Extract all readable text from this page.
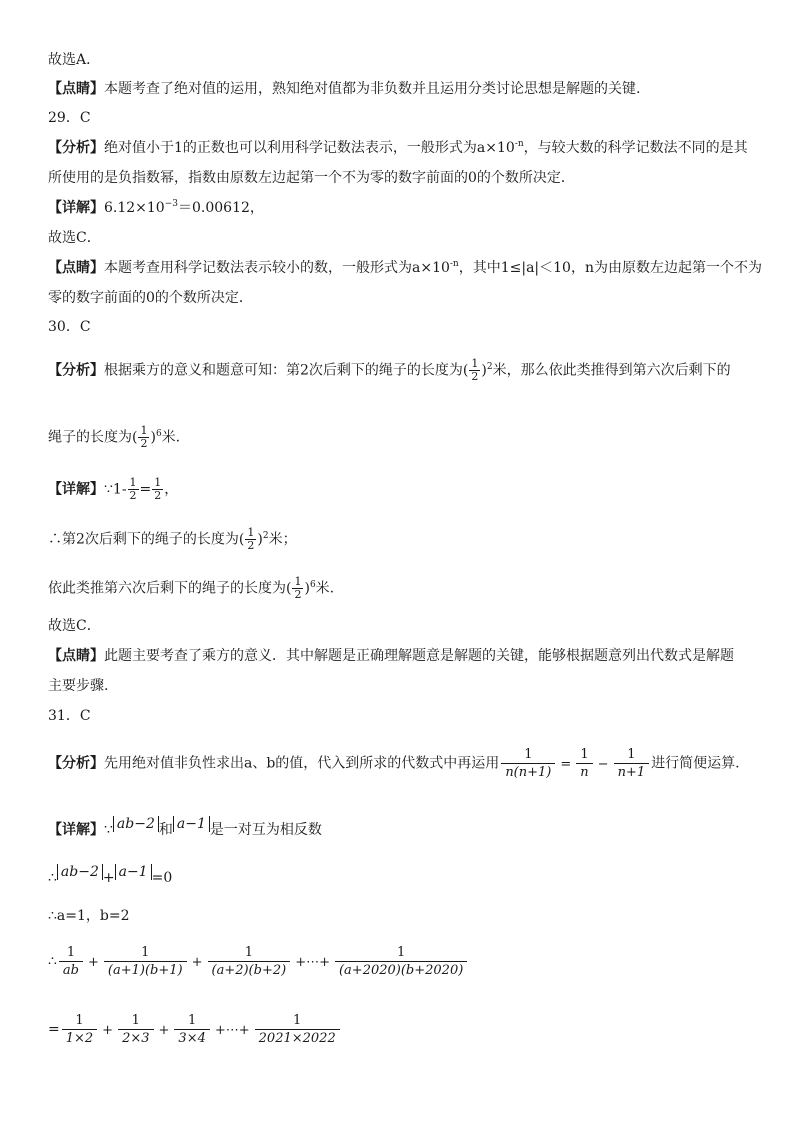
故选A．
【点睛】本题考查了绝对值的运用，熟知绝对值都为非负数并且运用分类讨论思想是解题的关键.
29．C
【分析】绝对值小于1的正数也可以利用科学记数法表示，一般形式为$a\times 10^{-n}$，与较大数的科学记数法不同的是其
所使用的是负指数幂，指数由原数左边起第一个不为零的数字前面的0的个数所决定．
【详解】$6.12\times 10^{-3}=0.00612$，
故选C．
【点睛】本题考查用科学记数法表示较小的数，一般形式为$a\times 10^{-n}$，其中1≤|a|＜10，n为由原数左边起第一个不为
零的数字前面的0的个数所决定．
30．C
【分析】根据乘方的意义和题意可知：第2次后剩下的绳子的长度为( $\frac{1}{2} )^2$米，那么依此类推得到第六次后剩下的
绳子的长度为( $\frac{1}{2} )^6$米.
【详解】∵1- $\frac{1}{2} = \frac{1}{2}$ ，
∴第2次后剩下的绳子的长度为( $\frac{1}{2} )^2$米；
依此类推第六次后剩下的绳子的长度为( $\frac{1}{2} )^6$米.
故选C．
【点睛】此题主要考查了乘方的意义．其中解题是正确理解题意是解题的关键，能够根据题意列出代数式是解题
主要步骤.
31．C
【分析】先用绝对值非负性求出a、b的值，代入到所求的代数式中再运用 $\frac{1}{n(n+1)} = \frac{1}{n} - \frac{1}{n+1}$ 进行简便运算.
【详解】∵ ab−2 和 a−1 是一对互为相反数
∴ ab−2 + a−1 =0
∴a=1，b=2
∴ $\frac{1}{ab} + \frac{1}{(a+1)(b+1)} + \frac{1}{(a+2)(b+2)}$ +⋯+ $\frac{1}{(a+2020)(b+2020)}$
= $\frac{1}{1\times 2} + \frac{1}{2\times 3} + \frac{1}{3\times 4}$ +⋯+ $\frac{1}{2021\times 2022}$
